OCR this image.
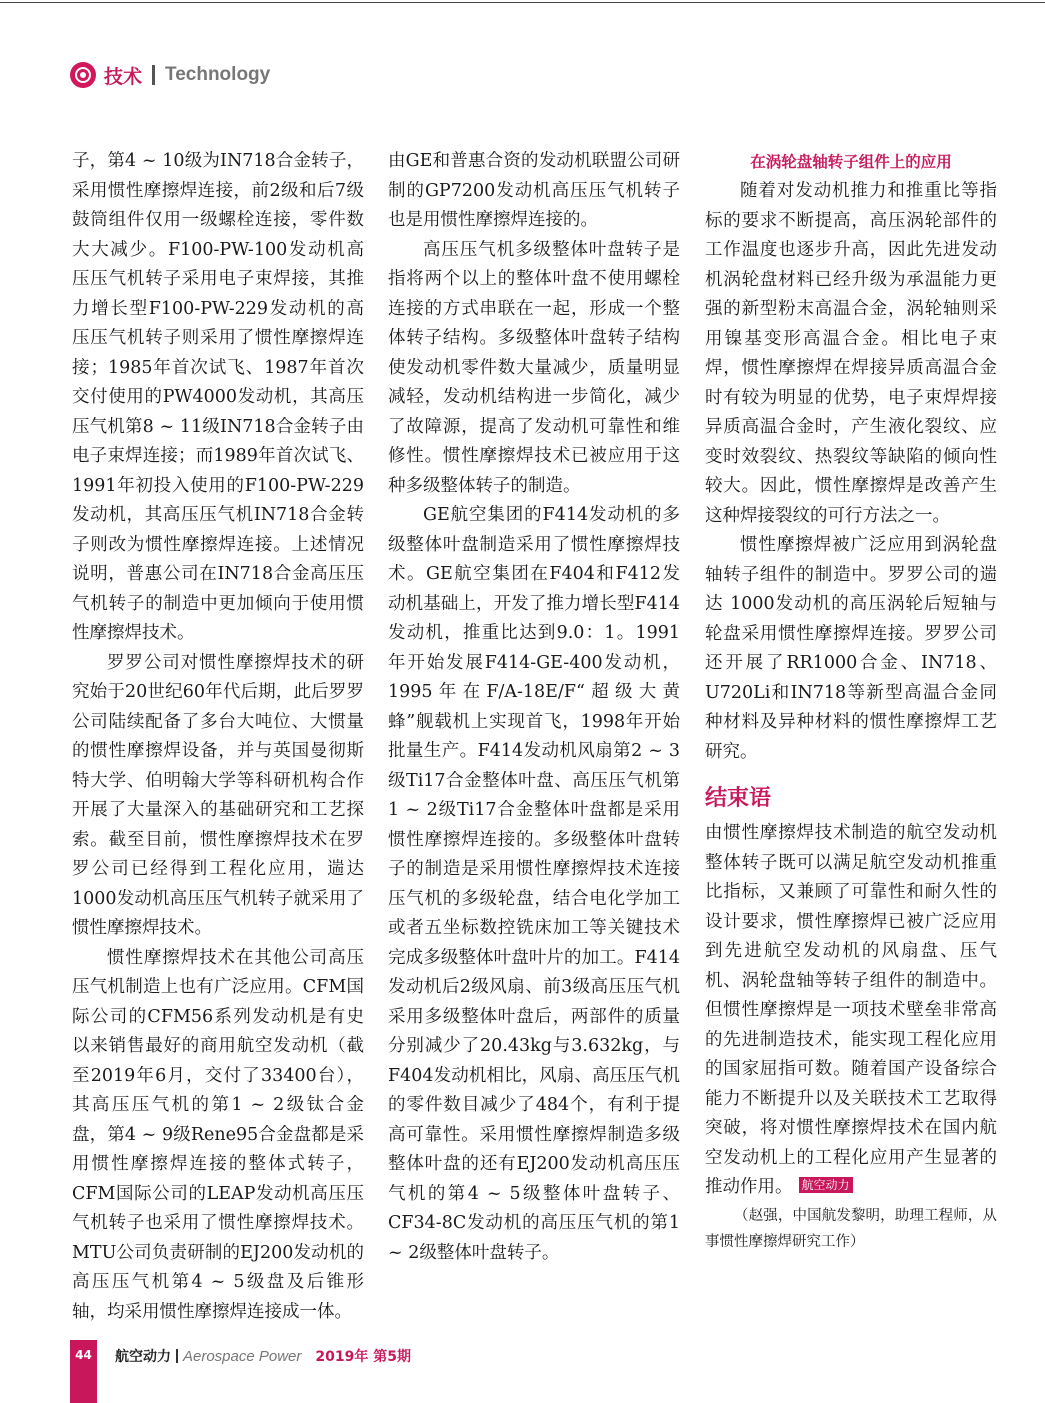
技术 Technology

子，第4 ~ 10级为IN718合金转子，采用惯性摩擦焊连接，前2级和后7级鼓筒组件仅用一级螺栓连接，零件数大大减少。F100-PW-100发动机高压压气机转子采用电子束焊接，其推力增长型F100-PW-229发动机的高压压气机转子则采用了惯性摩擦焊连接；1985年首次试飞、1987年首次交付使用的PW4000发动机，其高压压气机第8 ~ 11级IN718合金转子由电子束焊连接；而1989年首次试飞、1991年初投入使用的F100-PW-229发动机，其高压压气机IN718合金转子则改为惯性摩擦焊连接。上述情况说明，普惠公司在IN718合金高压压气机转子的制造中更加倾向于使用惯性摩擦焊技术。

罗罗公司对惯性摩擦焊技术的研究始于20世纪60年代后期，此后罗罗公司陆续配备了多台大吨位、大惯量的惯性摩擦焊设备，并与英国曼彻斯特大学、伯明翰大学等科研机构合作开展了大量深入的基础研究和工艺探索。截至目前，惯性摩擦焊技术在罗罗公司已经得到工程化应用，遄达 1000发动机高压压气机转子就采用了惯性摩擦焊技术。

惯性摩擦焊技术在其他公司高压压气机制造上也有广泛应用。CFM国际公司的CFM56系列发动机是有史以来销售最好的商用航空发动机（截至2019年6月，交付了33400台），其高压压气机的第1 ~ 2级钛合金盘，第4 ~ 9级Rene95合金盘都是采用惯性摩擦焊连接的整体式转子，CFM国际公司的LEAP发动机高压压气机转子也采用了惯性摩擦焊技术。MTU公司负责研制的EJ200发动机的高压压气机第4 ~ 5级盘及后锥形轴，均采用惯性摩擦焊连接成一体。

由GE和普惠合资的发动机联盟公司研制的GP7200发动机高压压气机转子也是用惯性摩擦焊连接的。

高压压气机多级整体叶盘转子是指将两个以上的整体叶盘不使用螺栓连接的方式串联在一起，形成一个整体转子结构。多级整体叶盘转子结构使发动机零件数大量减少，质量明显减轻，发动机结构进一步简化，减少了故障源，提高了发动机可靠性和维修性。惯性摩擦焊技术已被应用于这种多级整体转子的制造。

GE航空集团的F414发动机的多级整体叶盘制造采用了惯性摩擦焊技术。GE航空集团在F404和F412发动机基础上，开发了推力增长型F414发动机，推重比达到9.0：1。1991年开始发展F414-GE-400发动机，1995年在F/A-18E/F“超级大黄蜂”舰载机上实现首飞，1998年开始批量生产。F414发动机风扇第2 ~ 3级Ti17合金整体叶盘、高压压气机第1 ~ 2级Ti17合金整体叶盘都是采用惯性摩擦焊连接的。多级整体叶盘转子的制造是采用惯性摩擦焊技术连接压气机的多级轮盘，结合电化学加工或者五坐标数控铣床加工等关键技术完成多级整体叶盘叶片的加工。F414发动机后2级风扇、前3级高压压气机采用多级整体叶盘后，两部件的质量分别减少了20.43kg与3.632kg，与F404发动机相比，风扇、高压压气机的零件数目减少了484个，有利于提高可靠性。采用惯性摩擦焊制造多级整体叶盘的还有EJ200发动机高压压气机的第4 ~ 5级整体叶盘转子、CF34-8C发动机的高压压气机的第1 ~ 2级整体叶盘转子。

在涡轮盘轴转子组件上的应用

随着对发动机推力和推重比等指标的要求不断提高，高压涡轮部件的工作温度也逐步升高，因此先进发动机涡轮盘材料已经升级为承温能力更强的新型粉末高温合金，涡轮轴则采用镍基变形高温合金。相比电子束焊，惯性摩擦焊在焊接异质高温合金时有较为明显的优势，电子束焊焊接异质高温合金时，产生液化裂纹、应变时效裂纹、热裂纹等缺陷的倾向性较大。因此，惯性摩擦焊是改善产生这种焊接裂纹的可行方法之一。

惯性摩擦焊被广泛应用到涡轮盘轴转子组件的制造中。罗罗公司的遄达 1000发动机的高压涡轮后短轴与轮盘采用惯性摩擦焊连接。罗罗公司还开展了RR1000合金、IN718、U720Li和IN718等新型高温合金同种材料及异种材料的惯性摩擦焊工艺研究。

结束语

由惯性摩擦焊技术制造的航空发动机整体转子既可以满足航空发动机推重比指标，又兼顾了可靠性和耐久性的设计要求，惯性摩擦焊已被广泛应用到先进航空发动机的风扇盘、压气机、涡轮盘轴等转子组件的制造中。但惯性摩擦焊是一项技术壁垒非常高的先进制造技术，能实现工程化应用的国家屈指可数。随着国产设备综合能力不断提升以及关联技术工艺取得突破，将对惯性摩擦焊技术在国内航空发动机上的工程化应用产生显著的推动作用。 航空动力

（赵强，中国航发黎明，助理工程师，从事惯性摩擦焊研究工作）

44	航空动力 Aerospace Power 2019年 第5期
